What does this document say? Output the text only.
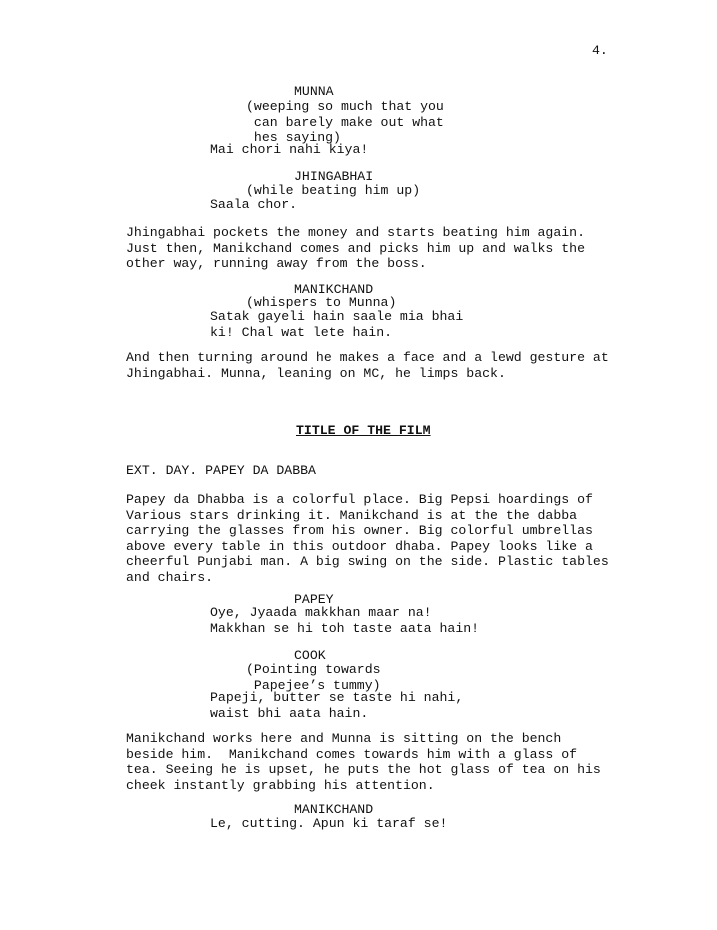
4.

MUNNA

(weeping so much that you
can barely make out what
hes saying)

Mai chori nahi kiya!

JHINGABHAI

(while beating him up)

Saala chor.

Jhingabhai pockets the money and starts beating him again.
Just then, Manikchand comes and picks him up and walks the
other way, running away from the boss.

MANIKCHAND

(whispers to Munna)

Satak gayeli hain saale mia bhai
ki! Chal wat lete hain.

And then turning around he makes a face and a lewd gesture at
Jhingabhai. Munna, leaning on MC, he limps back.

TITLE OF THE FILM

EXT. DAY. PAPEY DA DABBA

Papey da Dhabba is a colorful place. Big Pepsi hoardings of
Various stars drinking it. Manikchand is at the the dabba
carrying the glasses from his owner. Big colorful umbrellas
above every table in this outdoor dhaba. Papey looks like a
cheerful Punjabi man. A big swing on the side. Plastic tables
and chairs.

PAPEY

Oye, Jyaada makkhan maar na!
Makkhan se hi toh taste aata hain!

COOK

(Pointing towards
Papejee’s tummy)

Papeji, butter se taste hi nahi,
waist bhi aata hain.

Manikchand works here and Munna is sitting on the bench
beside him.  Manikchand comes towards him with a glass of
tea. Seeing he is upset, he puts the hot glass of tea on his
cheek instantly grabbing his attention.

MANIKCHAND

Le, cutting. Apun ki taraf se!
